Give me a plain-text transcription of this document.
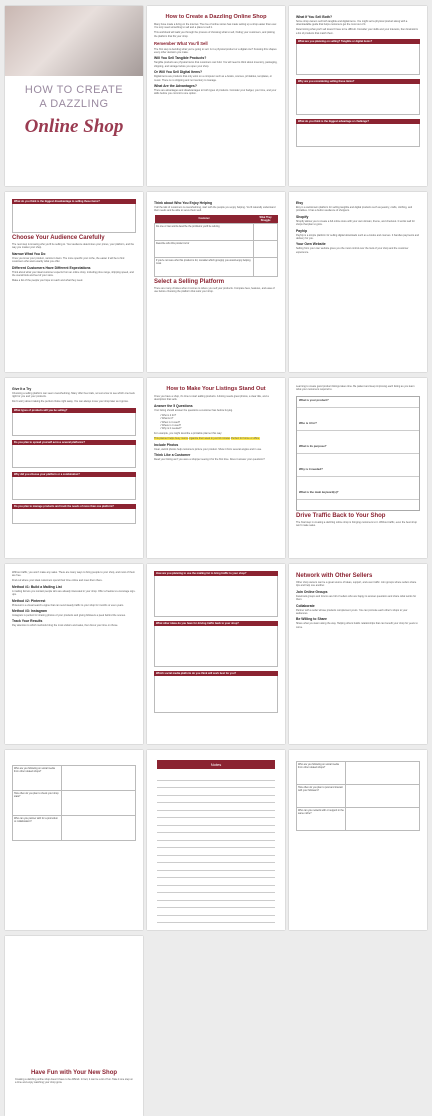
HOW TO CREATE
A DAZZLING
Online Shop
How to Create a Dazzling Online Shop

Many have made a living on the internet. The rise of online stores has made setting up a shop easier than ever. You only need something to sell and a place to sell it.

This workbook will walk you through the process of choosing what to sell, finding your customers, and picking the platform that fits your shop.

Remember What You'll Sell

The first step is deciding what you're going to sell. Is it a physical product or a digital one? Knowing this shapes every other decision you make.

Will You Sell Tangible Products?

Tangible products are physical items that customers can hold. You will need to think about inventory, packaging, shipping, and storage before you open your shop.

Or Will You Sell Digital Items?

Digital items are products that only exist on a computer such as e-books, courses, printables, templates, or music. There is no shipping and no inventory to manage.

What Are the Advantages?

There are advantages and disadvantages to both types of products. Consider your budget, your time, and your skills before you commit to one option.

What If You Sell Both?

Some shop owners sell both tangible and digital items. You might sell a physical product along with a downloadable guide that helps customers get the most out of it.

Determining what you'll sell doesn't have to be difficult. Consider your skills and your interests, then brainstorm a list of products that match them.

What are you planning on selling? Tangible or digital items?
Why are you considering selling these items?
What do you think is the biggest advantage or challenge?
What do you think is the biggest disadvantage to selling these items?
Choose Your Audience Carefully

The next step is knowing who you'll be selling to. Your audience determines your prices, your platform, and the way you market your shop.

Narrow What You Do

Once you know your product, narrow it down. The more specific your niche, the easier it will be to find customers who want exactly what you offer.

Different Customers Have Different Expectations

Think about what your ideal customer expects from an online shop, including price range, shipping speed, and the overall look and feel of your store.

Make a list of the people you hope to reach and what they need.

Think about Who You Enjoy Helping

If all the talk of customers is overwhelming, start with the people you enjoy helping. You'll naturally understand their needs and be able to serve them well.

Customer	What They Struggle
Do one or two words describe the problems you'll be solving	
Describe who this product is for	
If you're not sure who this product is for, consider which group(s) you would enjoy helping most	
Select a Selling Platform

There are many choices when it comes to where you sell your products. Compare fees, features, and ease of use before choosing the platform that suits your shop.

Etsy

Etsy is a well-known platform for selling tangible and digital products such as jewelry, crafts, clothing, and printables. It has a built-in audience of shoppers.

Shopify

Shopify allows you to create a full online store with your own domain, theme, and checkout. It works well for shops that plan to grow.

Payhip

Payhip is a simple platform for selling digital downloads such as e-books and courses. It handles payments and delivery for you.

Your Own Website

Selling from your own website gives you the most control over the look of your shop and the customer experience.

Give It a Try

Choosing a selling platform can seem overwhelming. Many offer free trials, so test a few to see which one feels right for you and your products.

Don't worry about making the perfect choice right away. You can always move your shop later as it grows.

What types of products will you be selling?
Do you plan to spread yourself across several platforms?
Why did you choose your platform or a combination?
Do you plan to manage products and track the needs of more than one platform?
How to Make Your Listings Stand Out

Once you have a shop, it's time to start adding products. A listing needs great photos, a clear title, and a description that sells.

Answer the 5 Questions

Your listing should answer the questions a customer has before buying.

• Who is it for?
• What is it?
• When is it used?
• Where is it used?
• Why is it needed?

For example, you might describe a printable planner this way:

This planner helps busy moms organize their week in just 10 minutes Perfect for home or office.

Include Photos

Clear, well-lit photos help customers picture your product. Show it from several angles and in use.

Think Like a Customer

Read your listing as if you were a shopper seeing it for the first time. Does it answer your questions?

Learning to create good product listings takes time. Be patient and keep improving each listing as you learn what your customers respond to.

What is your product?
Who is it for?
What is its purpose?
Why is it needed?
What is the main keyword(s)?
Drive Traffic Back to Your Shop

The final step in creating a dazzling online shop is bringing customers to it. Without traffic, even the best shop won't make sales.

Without traffic, you won't make any sales. There are many ways to bring people to your shop, and most of them are free.

Find out where your ideal customers spend their time online and meet them there.

Method #1: Build a Mailing List

A mailing list lets you contact people who are already interested in your shop. Offer a freebie to encourage sign-ups.

Method #2: Pinterest

Pinterest is a visual search engine that can send steady traffic to your shop for months or even years.

Method #3: Instagram

Instagram is perfect for sharing photos of your products and giving followers a peek behind the scenes.

Track Your Results

Pay attention to which methods bring the most visitors and sales, then focus your time on those.

How are you planning to use the mailing list to bring traffic to your shop?
What other ideas do you have for driving traffic back to your shop?
Which social media platform do you think will work best for you?
Network with Other Sellers

Other shop owners can be a great source of ideas, support, and even traffic. Join groups where sellers share tips and help one another.

Join Online Groups

Facebook groups and forums are full of sellers who are happy to answer questions and share what works for them.

Collaborate

Partner with a seller whose products complement yours. You can promote each other's shops to your audiences.

Be Willing to Share

Share what you learn along the way. Helping others builds relationships that can benefit your shop for years to come.

Who are you following on social media from other related shops?	
How often do you plan to check your shop stats?	
Who can you partner with for a promotion or collaboration?	
Notes	Who are you following on social media from other related shops?	
How often do you plan to post and interact with your followers?	
Who can you network with or support in the same niche?	
Have Fun with Your New Shop

Creating a dazzling online shop doesn't have to be difficult. In fact, it can be a lot of fun. Take it one step at a time and enjoy watching your shop grow.
